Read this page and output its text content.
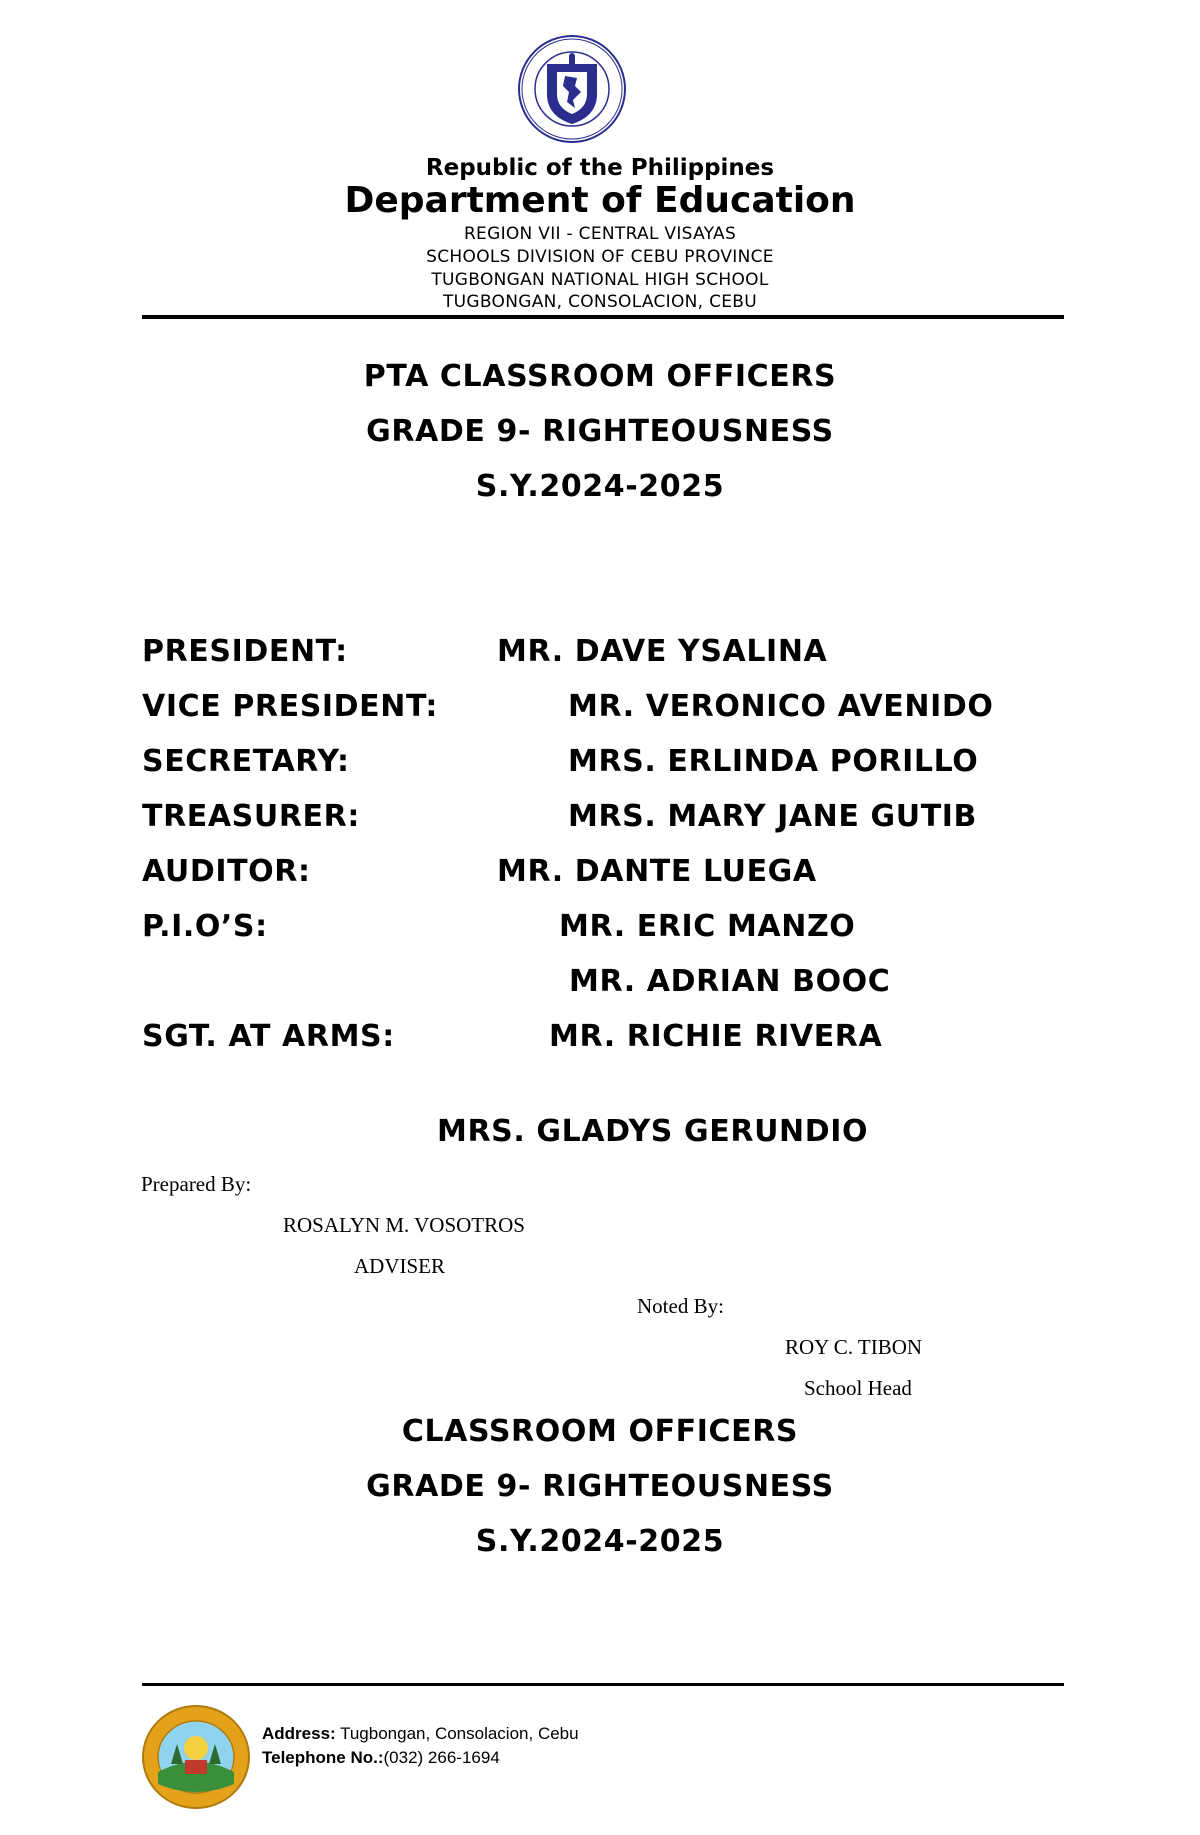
Republic of the Philippines
Department of Education
REGION VII - CENTRAL VISAYAS
SCHOOLS DIVISION OF CEBU PROVINCE
TUGBONGAN NATIONAL HIGH SCHOOL
TUGBONGAN, CONSOLACION, CEBU
PTA CLASSROOM OFFICERS
GRADE 9- RIGHTEOUSNESS
S.Y.2024-2025
PRESIDENT:	MR. DAVE YSALINA
VICE PRESIDENT:	MR. VERONICO AVENIDO
SECRETARY:	MRS. ERLINDA PORILLO
TREASURER:	MRS. MARY JANE GUTIB
AUDITOR:	MR. DANTE LUEGA
P.I.O’S:	MR. ERIC MANZO
MR. ADRIAN BOOC
SGT. AT ARMS:	MR. RICHIE RIVERA
MRS. GLADYS GERUNDIO
Prepared By:
ROSALYN M. VOSOTROS
ADVISER
Noted By:
ROY C. TIBON
School Head
CLASSROOM OFFICERS
GRADE 9- RIGHTEOUSNESS
S.Y.2024-2025
Address: Tugbongan, Consolacion, Cebu
Telephone No.:(032) 266-1694
